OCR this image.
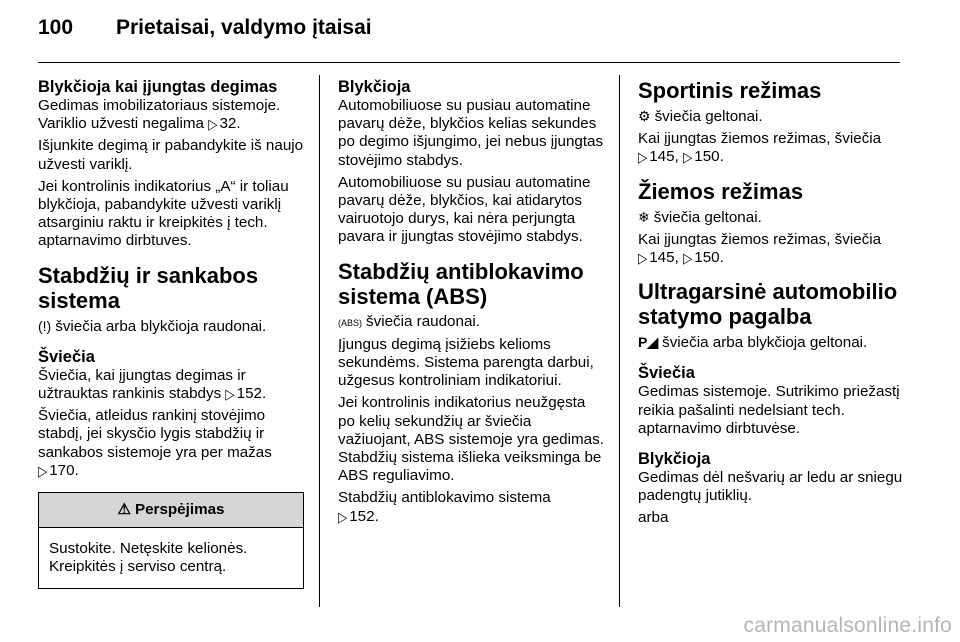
100	Prietaisai, valdymo įtaisai
Blykčioja kai įjungtas degimas

Gedimas imobilizatoriaus sistemoje. Variklio užvesti negalima ▷ 32.

Išjunkite degimą ir pabandykite iš naujo užvesti variklį.

Jei kontrolinis indikatorius „A“ ir toliau blykčioja, pabandykite užvesti variklį atsarginiu raktu ir kreipkitės į tech. aptarnavimo dirbtuves.

Stabdžių ir sankabos sistema

(!) šviečia arba blykčioja raudonai.

Šviečia

Šviečia, kai įjungtas degimas ir užtrauktas rankinis stabdys ▷ 152.

Šviečia, atleidus rankinį stovėjimo stabdį, jei skysčio lygis stabdžių ir sankabos sistemoje yra per mažas
▷ 170.

⚠ Perspėjimas
Sustokite. Netęskite kelionės. Kreipkitės į serviso centrą.
Blykčioja

Automobiliuose su pusiau automatine pavarų dėže, blykčios kelias sekundes po degimo išjungimo, jei nebus įjungtas stovėjimo stabdys.

Automobiliuose su pusiau automatine pavarų dėže, blykčios, kai atidarytos vairuotojo durys, kai nėra perjungta pavara ir įjungtas stovėjimo stabdys.

Stabdžių antiblokavimo sistema (ABS)

(ABS) šviečia raudonai.

Įjungus degimą įsižiebs kelioms sekundėms. Sistema parengta darbui, užgesus kontroliniam indikatoriui.

Jei kontrolinis indikatorius neužgęsta po kelių sekundžių ar šviečia važiuojant, ABS sistemoje yra gedimas. Stabdžių sistema išlieka veiksminga be ABS reguliavimo.

Stabdžių antiblokavimo sistema
▷ 152.

Sportinis režimas

⚙ šviečia geltonai.

Kai įjungtas žiemos režimas, šviečia
▷ 145, ▷ 150.

Žiemos režimas

❄ šviečia geltonai.

Kai įjungtas žiemos režimas, šviečia
▷ 145, ▷ 150.

Ultragarsinė automobilio statymo pagalba

P◢ šviečia arba blykčioja geltonai.

Šviečia

Gedimas sistemoje. Sutrikimo priežastį reikia pašalinti nedelsiant tech. aptarnavimo dirbtuvėse.

Blykčioja

Gedimas dėl nešvarių ar ledu ar sniegu padengtų jutiklių.

arba

carmanualsonline.info
